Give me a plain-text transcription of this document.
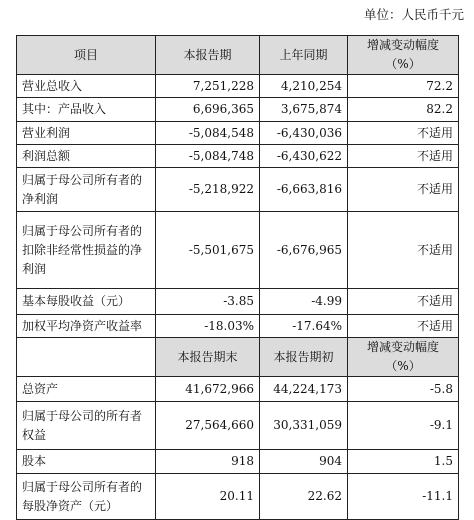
单位：人民币千元
项目	本报告期	上年同期	增减变动幅度（%）
营业总收入	7,251,228	4,210,254	72.2
其中：产品收入	6,696,365	3,675,874	82.2
营业利润	-5,084,548	-6,430,036	不适用
利润总额	-5,084,748	-6,430,622	不适用
归属于母公司所有者的
净利润	-5,218,922	-6,663,816	不适用
归属于母公司所有者的
扣除非经常性损益的净
利润	-5,501,675	-6,676,965	不适用
基本每股收益（元）	-3.85	-4.99	不适用
加权平均净资产收益率	-18.03%	-17.64%	不适用
	本报告期末	本报告期初	增减变动幅度（%）
总资产	41,672,966	44,224,173	-5.8
归属于母公司的所有者
权益	27,564,660	30,331,059	-9.1
股本	918	904	1.5
归属于母公司所有者的
每股净资产（元）	20.11	22.62	-11.1
